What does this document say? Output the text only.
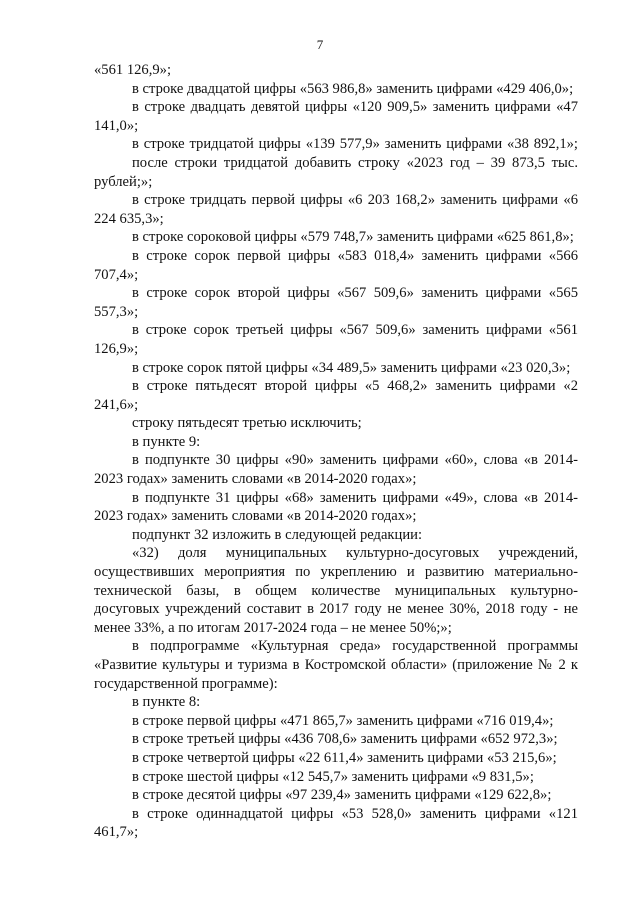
7

«561 126,9»;

в строке двадцатой цифры «563 986,8» заменить цифрами «429 406,0»;

в строке двадцать девятой цифры «120 909,5» заменить цифрами «47 141,0»;

в строке тридцатой цифры «139 577,9» заменить цифрами «38 892,1»;

после строки тридцатой добавить строку «2023 год – 39 873,5 тыс. рублей;»;

в строке тридцать первой цифры «6 203 168,2» заменить цифрами «6 224 635,3»;

в строке сороковой цифры «579 748,7» заменить цифрами «625 861,8»;

в строке сорок первой цифры «583 018,4» заменить цифрами «566 707,4»;

в строке сорок второй цифры «567 509,6» заменить цифрами «565 557,3»;

в строке сорок третьей цифры «567 509,6» заменить цифрами «561 126,9»;

в строке сорок пятой цифры «34 489,5» заменить цифрами «23 020,3»;

в строке пятьдесят второй цифры «5 468,2» заменить цифрами «2 241,6»;

строку пятьдесят третью исключить;

в пункте 9:

в подпункте 30 цифры «90» заменить цифрами «60», слова «в 2014-2023 годах» заменить словами «в 2014-2020 годах»;

в подпункте 31 цифры «68» заменить цифрами «49», слова «в 2014-2023 годах» заменить словами «в 2014-2020 годах»;

подпункт 32 изложить в следующей редакции:

«32) доля муниципальных культурно-досуговых учреждений, осуществивших мероприятия по укреплению и развитию материально-технической базы, в общем количестве муниципальных культурно-досуговых учреждений составит в 2017 году не менее 30%, 2018 году - не менее 33%, а по итогам 2017-2024 года – не менее 50%;»;

в подпрограмме «Культурная среда» государственной программы «Развитие культуры и туризма в Костромской области» (приложение № 2 к государственной программе):

в пункте 8:

в строке первой цифры «471 865,7» заменить цифрами «716 019,4»;

в строке третьей цифры «436 708,6» заменить цифрами «652 972,3»;

в строке четвертой цифры «22 611,4» заменить цифрами «53 215,6»;

в строке шестой цифры «12 545,7» заменить цифрами «9 831,5»;

в строке десятой цифры «97 239,4» заменить цифрами «129 622,8»;

в строке одиннадцатой цифры «53 528,0» заменить цифрами «121 461,7»;
